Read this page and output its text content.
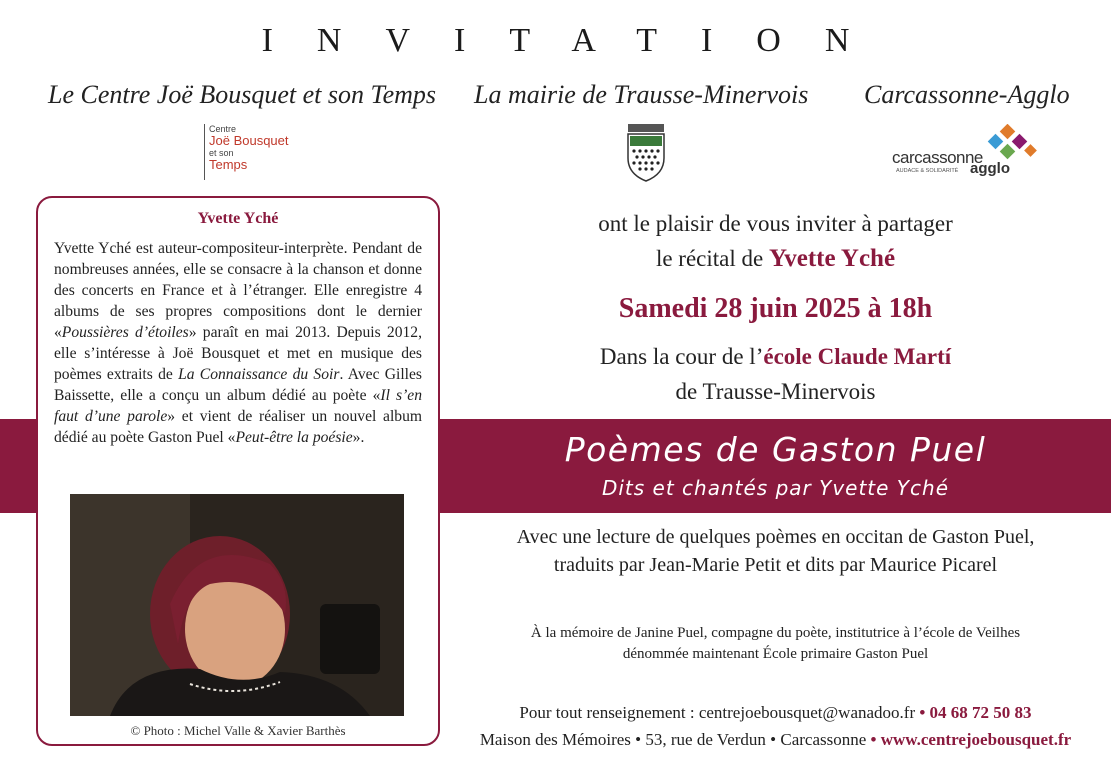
INVITATION
Le Centre Joë Bousquet et son Temps La mairie de Trausse-Minervois Carcassonne-Agglo
Centre
Joë Bousquet
et son
Temps	carcassonne
agglo
AUDACE & SOLIDARITÉ
Poèmes de Gaston Puel
Dits et chantés par Yvette Yché
Yvette Yché
Yvette Yché est auteur-compositeur-interprète. Pendant de nombreuses années, elle se consacre à la chanson et donne des concerts en France et à l’étranger. Elle enregistre 4 albums de ses propres compositions dont le dernier «Poussières d’étoiles» paraît en mai 2013. Depuis 2012, elle s’intéresse à Joë Bousquet et met en musique des poèmes extraits de La Connaissance du Soir. Avec Gilles Baissette, elle a conçu un album dédié au poète «Il s’en faut d’une parole» et vient de réaliser un nouvel album dédié au poète Gaston Puel «Peut-être la poésie».
© Photo : Michel Valle & Xavier Barthès
ont le plaisir de vous inviter à partager
le récital de Yvette Yché
Samedi 28 juin 2025 à 18h
Dans la cour de l’école Claude Martí
de Trausse-Minervois
Avec une lecture de quelques poèmes en occitan de Gaston Puel,
traduits par Jean-Marie Petit et dits par Maurice Picarel
À la mémoire de Janine Puel, compagne du poète, institutrice à l’école de Veilhes
dénommée maintenant École primaire Gaston Puel
Pour tout renseignement : centrejoebousquet@wanadoo.fr • 04 68 72 50 83
Maison des Mémoires • 53, rue de Verdun • Carcassonne • www.centrejoebousquet.fr
